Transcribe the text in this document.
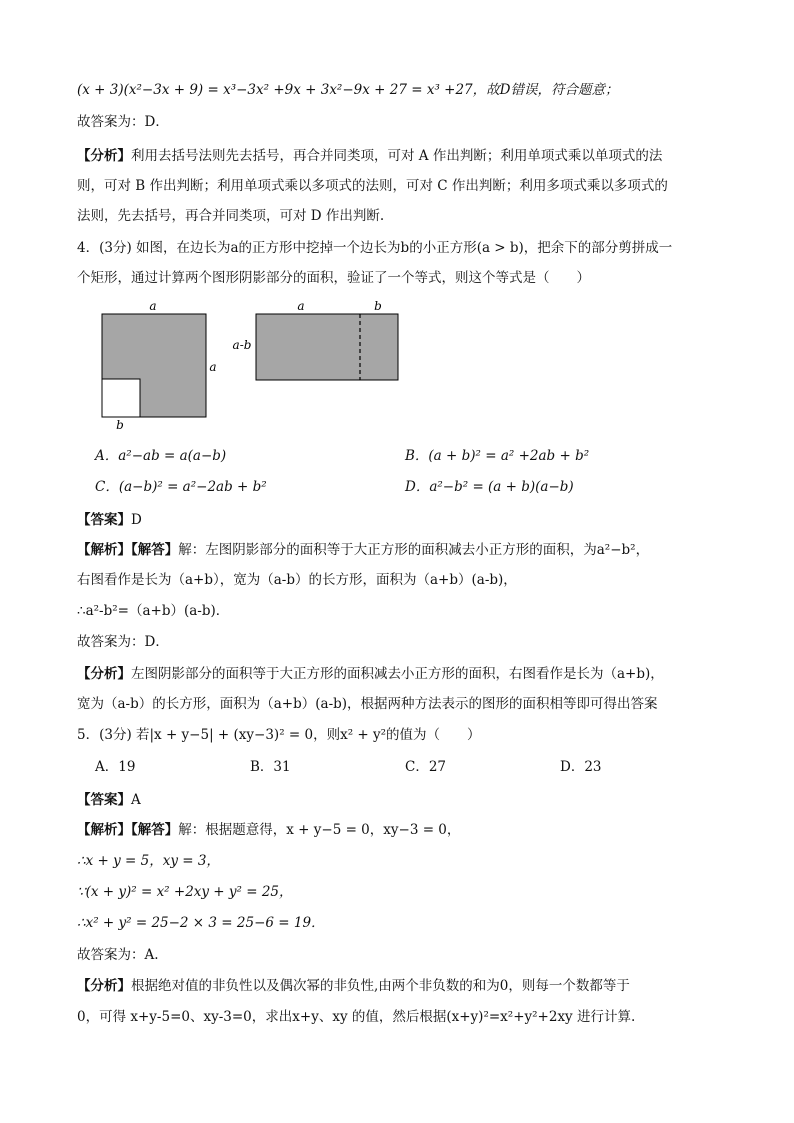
(x + 3)(x²−3x + 9) = x³−3x² +9x + 3x²−9x + 27 = x³ +27，故D错误，符合题意；
故答案为：D．
【分析】利用去括号法则先去括号，再合并同类项，可对 A 作出判断；利用单项式乘以单项式的法
则，可对 B 作出判断；利用单项式乘以多项式的法则，可对 C 作出判断；利用多项式乘以多项式的
法则，先去括号，再合并同类项，可对 D 作出判断.
4．(3分) 如图，在边长为a的正方形中挖掉一个边长为b的小正方形(a > b)，把余下的部分剪拼成一
个矩形，通过计算两个图形阴影部分的面积，验证了一个等式，则这个等式是（　　）
a
a
b
a	b
a-b
A．a²−ab = a(a−b)	B．(a + b)² = a² +2ab + b²
C．(a−b)² = a²−2ab + b²	D．a²−b² = (a + b)(a−b)
【答案】D
【解析】【解答】解：左图阴影部分的面积等于大正方形的面积减去小正方形的面积，为a²−b²，
右图看作是长为（a+b），宽为（a-b）的长方形，面积为（a+b）(a-b)，
∴a²-b²=（a+b）(a-b)．
故答案为：D．
【分析】左图阴影部分的面积等于大正方形的面积减去小正方形的面积，右图看作是长为（a+b)，
宽为（a-b）的长方形，面积为（a+b）(a-b)，根据两种方法表示的图形的面积相等即可得出答案
5．(3分) 若|x + y−5| + (xy−3)² = 0，则x² + y²的值为（　　）
A．19	B．31	C．27	D．23
【答案】A
【解析】【解答】解：根据题意得，x + y−5 = 0，xy−3 = 0，
∴x + y = 5，xy = 3，
∵(x + y)² = x² +2xy + y² = 25，
∴x² + y² = 25−2 × 3 = 25−6 = 19．
故答案为：A.
【分析】根据绝对值的非负性以及偶次幂的非负性,由两个非负数的和为0，则每一个数都等于
0，可得 x+y-5=0、xy-3=0，求出x+y、xy 的值，然后根据(x+y)²=x²+y²+2xy 进行计算.
